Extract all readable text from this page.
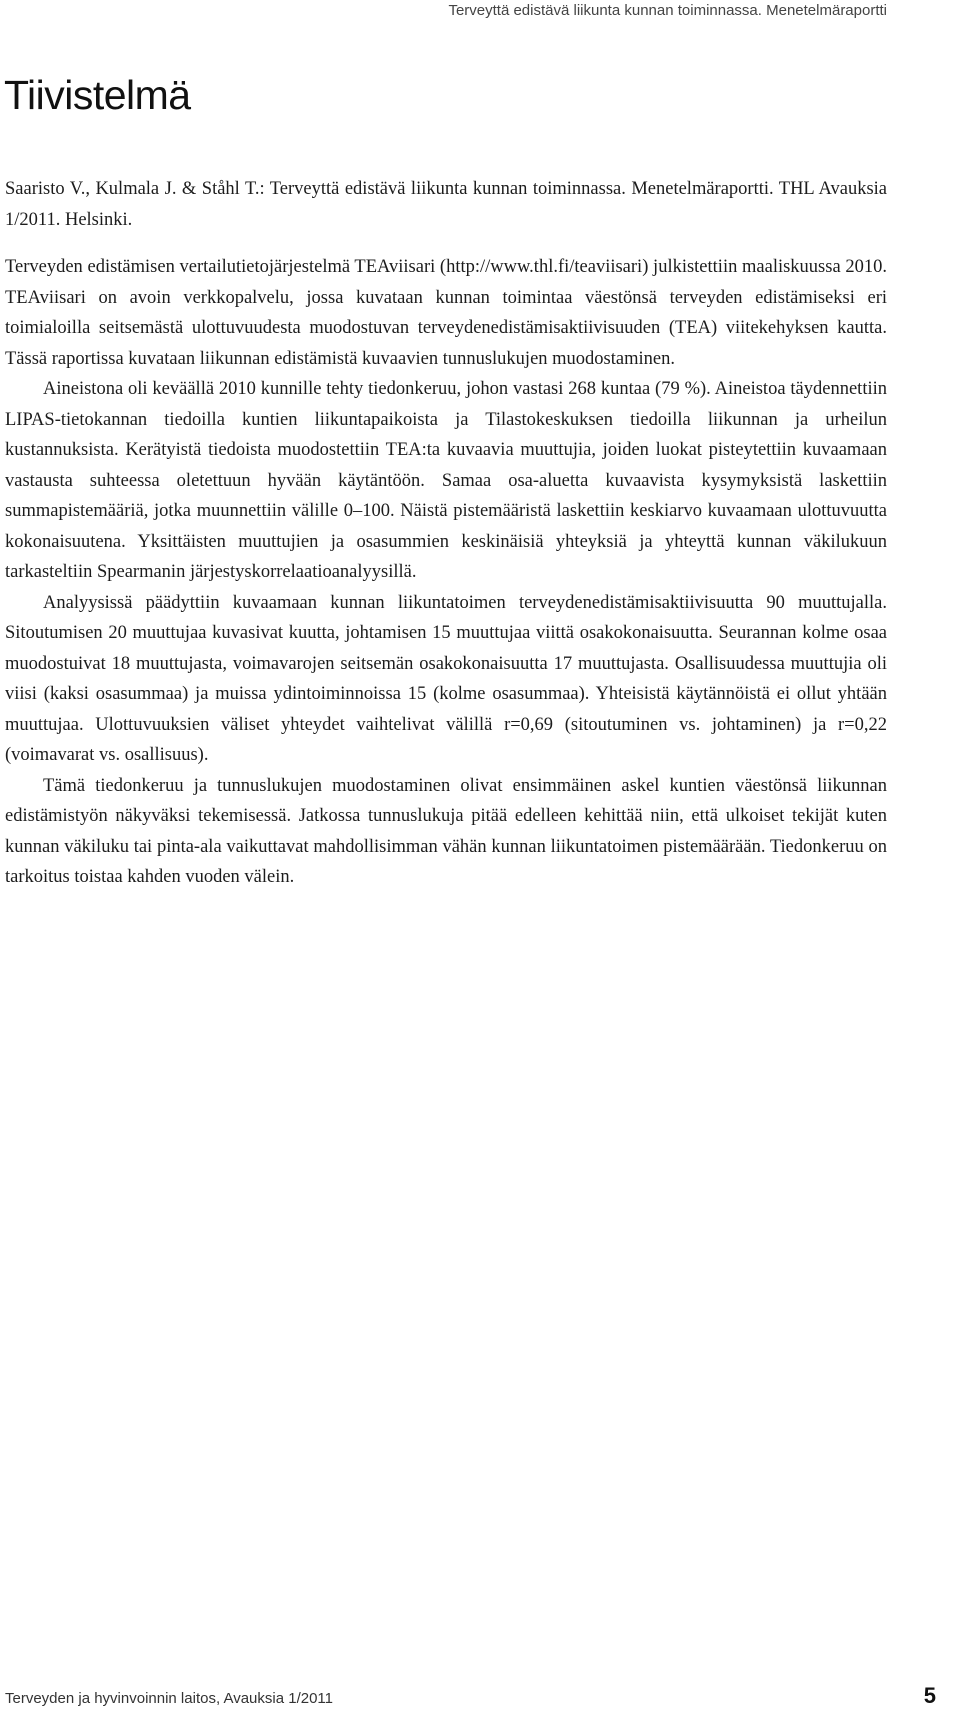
Terveyttä edistävä liikunta kunnan toiminnassa. Menetelmäraportti
Tiivistelmä

Saaristo V., Kulmala J. & Ståhl T.: Terveyttä edistävä liikunta kunnan toiminnassa. Menetelmäraportti. THL Avauksia 1/2011. Helsinki.

Terveyden edistämisen vertailutietojärjestelmä TEAviisari (http://www.thl.fi/teaviisari) julkistettiin maaliskuussa 2010. TEAviisari on avoin verkkopalvelu, jossa kuvataan kunnan toimintaa väestönsä terveyden edistämiseksi eri toimialoilla seitsemästä ulottuvuudesta muodostuvan terveydenedistämisaktiivisuuden (TEA) viitekehyksen kautta. Tässä raportissa kuvataan liikunnan edistämistä kuvaavien tunnuslukujen muodostaminen.

Aineistona oli keväällä 2010 kunnille tehty tiedonkeruu, johon vastasi 268 kuntaa (79 %). Aineistoa täydennettiin LIPAS-tietokannan tiedoilla kuntien liikuntapaikoista ja Tilastokeskuksen tiedoilla liikunnan ja urheilun kustannuksista. Kerätyistä tiedoista muodostettiin TEA:ta kuvaavia muuttujia, joiden luokat pisteytettiin kuvaamaan vastausta suhteessa oletettuun hyvään käytäntöön. Samaa osa-aluetta kuvaavista kysymyksistä laskettiin summapistemääriä, jotka muunnettiin välille 0–100. Näistä pistemääristä laskettiin keskiarvo kuvaamaan ulottuvuutta kokonaisuutena. Yksittäisten muuttujien ja osasummien keskinäisiä yhteyksiä ja yhteyttä kunnan väkilukuun tarkasteltiin Spearmanin järjestyskorrelaatioanalyysillä.

Analyysissä päädyttiin kuvaamaan kunnan liikuntatoimen terveydenedistämisaktiivisuutta 90 muuttujalla. Sitoutumisen 20 muuttujaa kuvasivat kuutta, johtamisen 15 muuttujaa viittä osakokonaisuutta. Seurannan kolme osaa muodostuivat 18 muuttujasta, voimavarojen seitsemän osakokonaisuutta 17 muuttujasta. Osallisuudessa muuttujia oli viisi (kaksi osasummaa) ja muissa ydintoiminnoissa 15 (kolme osasummaa). Yhteisistä käytännöistä ei ollut yhtään muuttujaa. Ulottuvuuksien väliset yhteydet vaihtelivat välillä r=0,69 (sitoutuminen vs. johtaminen) ja r=0,22 (voimavarat vs. osallisuus).

Tämä tiedonkeruu ja tunnuslukujen muodostaminen olivat ensimmäinen askel kuntien väestönsä liikunnan edistämistyön näkyväksi tekemisessä. Jatkossa tunnuslukuja pitää edelleen kehittää niin, että ulkoiset tekijät kuten kunnan väkiluku tai pinta-ala vaikuttavat mahdollisimman vähän kunnan liikuntatoimen pistemäärään. Tiedonkeruu on tarkoitus toistaa kahden vuoden välein.

Terveyden ja hyvinvoinnin laitos, Avauksia 1/2011	5
